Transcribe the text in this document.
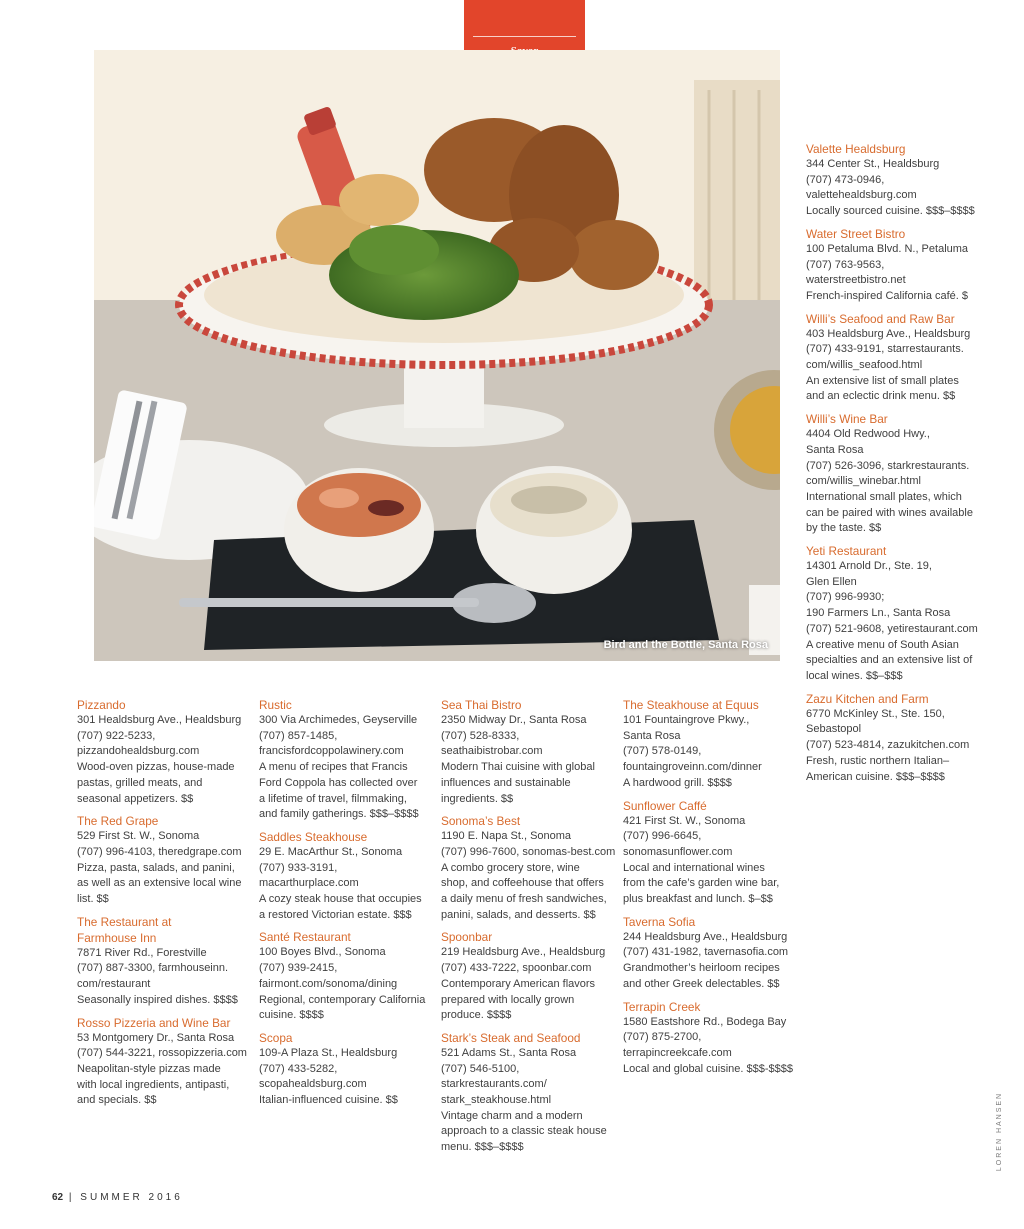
Bird and the Bottle, Santa Rosa
Pizzando
301 Healdsburg Ave., Healdsburg
(707) 922-5233,
pizzandohealdsburg.com
Wood-oven pizzas, house-made
pastas, grilled meats, and
seasonal appetizers. $$
The Red Grape
529 First St. W., Sonoma
(707) 996-4103, theredgrape.com
Pizza, pasta, salads, and panini,
as well as an extensive local wine
list. $$
The Restaurant at
Farmhouse Inn
7871 River Rd., Forestville
(707) 887-3300, farmhouseinn.
com/restaurant
Seasonally inspired dishes. $$$$
Rosso Pizzeria and Wine Bar
53 Montgomery Dr., Santa Rosa
(707) 544-3221, rossopizzeria.com
Neapolitan-style pizzas made
with local ingredients, antipasti,
and specials. $$
Rustic
300 Via Archimedes, Geyserville
(707) 857-1485,
francisfordcoppolawinery.com
A menu of recipes that Francis
Ford Coppola has collected over
a lifetime of travel, filmmaking,
and family gatherings. $$$–$$$$
Saddles Steakhouse
29 E. MacArthur St., Sonoma
(707) 933-3191,
macarthurplace.com
A cozy steak house that occupies
a restored Victorian estate. $$$
Santé Restaurant
100 Boyes Blvd., Sonoma
(707) 939-2415,
fairmont.com/sonoma/dining
Regional, contemporary California
cuisine. $$$$
Scopa
109-A Plaza St., Healdsburg
(707) 433-5282,
scopahealdsburg.com
Italian-influenced cuisine. $$
Sea Thai Bistro
2350 Midway Dr., Santa Rosa
(707) 528-8333,
seathaibistrobar.com
Modern Thai cuisine with global
influences and sustainable
ingredients. $$
Sonoma’s Best
1190 E. Napa St., Sonoma
(707) 996-7600, sonomas-best.com
A combo grocery store, wine
shop, and coffeehouse that offers
a daily menu of fresh sandwiches,
panini, salads, and desserts. $$
Spoonbar
219 Healdsburg Ave., Healdsburg
(707) 433-7222, spoonbar.com
Contemporary American flavors
prepared with locally grown
produce. $$$$
Stark’s Steak and Seafood
521 Adams St., Santa Rosa
(707) 546-5100,
starkrestaurants.com/
stark_steakhouse.html
Vintage charm and a modern
approach to a classic steak house
menu. $$$–$$$$
The Steakhouse at Equus
101 Fountaingrove Pkwy.,
Santa Rosa
(707) 578-0149,
fountaingroveinn.com/dinner
A hardwood grill. $$$$
Sunflower Caffé
421 First St. W., Sonoma
(707) 996-6645,
sonomasunflower.com
Local and international wines
from the cafe’s garden wine bar,
plus breakfast and lunch. $–$$
Taverna Sofia
244 Healdsburg Ave., Healdsburg
(707) 431-1982, tavernasofia.com
Grandmother’s heirloom recipes
and other Greek delectables. $$
Terrapin Creek
1580 Eastshore Rd., Bodega Bay
(707) 875-2700,
terrapincreekcafe.com
Local and global cuisine. $$$-$$$$
Valette Healdsburg
344 Center St., Healdsburg
(707) 473-0946,
valettehealdsburg.com
Locally sourced cuisine. $$$–$$$$
Water Street Bistro
100 Petaluma Blvd. N., Petaluma
(707) 763-9563,
waterstreetbistro.net
French-inspired California café. $
Willi’s Seafood and Raw Bar
403 Healdsburg Ave., Healdsburg
(707) 433-9191, starrestaurants.
com/willis_seafood.html
An extensive list of small plates
and an eclectic drink menu. $$
Willi’s Wine Bar
4404 Old Redwood Hwy.,
Santa Rosa
(707) 526-3096, starkrestaurants.
com/willis_winebar.html
International small plates, which
can be paired with wines available
by the taste. $$
Yeti Restaurant
14301 Arnold Dr., Ste. 19,
Glen Ellen
(707) 996-9930;
190 Farmers Ln., Santa Rosa
(707) 521-9608, yetirestaurant.com
A creative menu of South Asian
specialties and an extensive list of
local wines. $$–$$$
Zazu Kitchen and Farm
6770 McKinley St., Ste. 150,
Sebastopol
(707) 523-4814, zazukitchen.com
Fresh, rustic northern Italian–
American cuisine. $$$–$$$$
62 | SUMMER 2016
LOREN HANSEN
